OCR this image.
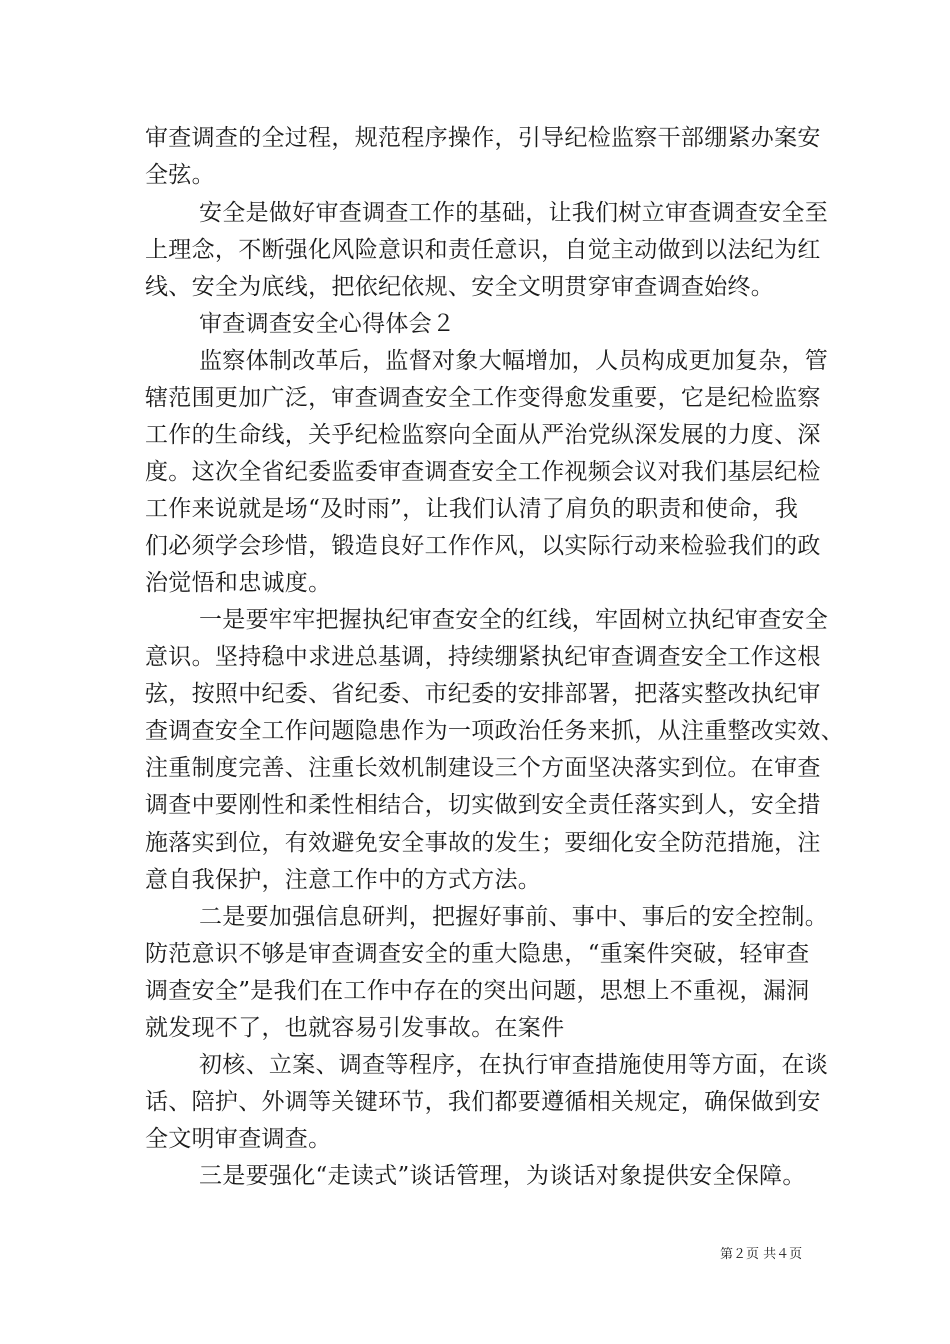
审查调查的全过程，规范程序操作，引导纪检监察干部绷紧办案安
全弦。
安全是做好审查调查工作的基础，让我们树立审查调查安全至
上理念，不断强化风险意识和责任意识，自觉主动做到以法纪为红
线、安全为底线，把依纪依规、安全文明贯穿审查调查始终。
审查调查安全心得体会２
监察体制改革后，监督对象大幅增加，人员构成更加复杂，管
辖范围更加广泛，审查调查安全工作变得愈发重要，它是纪检监察
工作的生命线，关乎纪检监察向全面从严治党纵深发展的力度、深
度。这次全省纪委监委审查调查安全工作视频会议对我们基层纪检
工作来说就是场“及时雨”，让我们认清了肩负的职责和使命，我
们必须学会珍惜，锻造良好工作作风，以实际行动来检验我们的政
治觉悟和忠诚度。
一是要牢牢把握执纪审查安全的红线，牢固树立执纪审查安全
意识。坚持稳中求进总基调，持续绷紧执纪审查调查安全工作这根
弦，按照中纪委、省纪委、市纪委的安排部署，把落实整改执纪审
查调查安全工作问题隐患作为一项政治任务来抓，从注重整改实效、
注重制度完善、注重长效机制建设三个方面坚决落实到位。在审查
调查中要刚性和柔性相结合，切实做到安全责任落实到人，安全措
施落实到位，有效避免安全事故的发生；要细化安全防范措施，注
意自我保护，注意工作中的方式方法。
二是要加强信息研判，把握好事前、事中、事后的安全控制。
防范意识不够是审查调查安全的重大隐患，“重案件突破，轻审查
调查安全”是我们在工作中存在的突出问题，思想上不重视，漏洞
就发现不了，也就容易引发事故。在案件
初核、立案、调查等程序，在执行审查措施使用等方面，在谈
话、陪护、外调等关键环节，我们都要遵循相关规定，确保做到安
全文明审查调查。
三是要强化“走读式”谈话管理，为谈话对象提供安全保障。
第２页 共４页
